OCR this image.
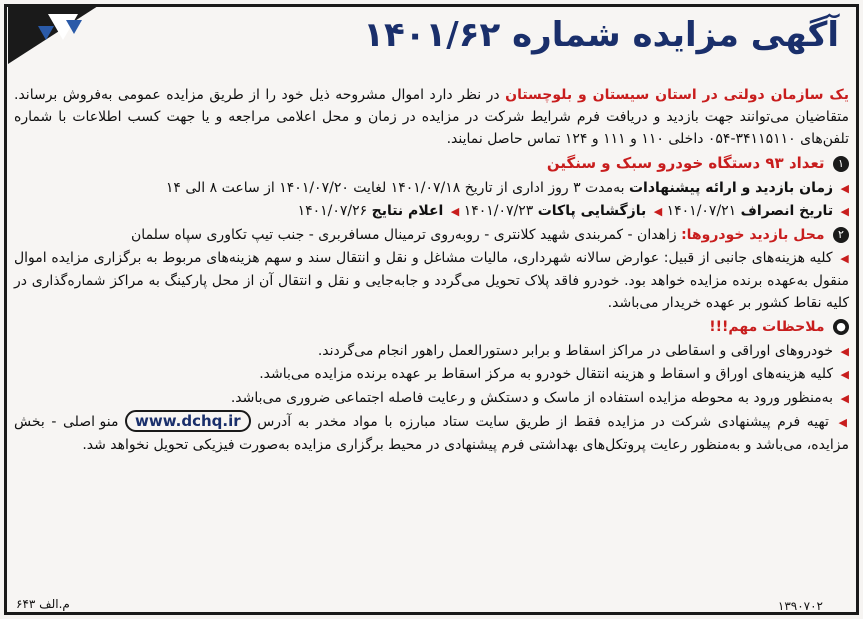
آگهی مزایده شماره ۱۴۰۱/۶۲

یک سازمان دولتی در استان سیستان و بلوچستان در نظر دارد اموال مشروحه ذیل خود را از طریق مزایده عمومی به‌فروش برساند. متقاضیان می‌توانند جهت بازدید و دریافت فرم شرایط شرکت در مزایده در زمان و محل اعلامی مراجعه و یا جهت کسب اطلاعات با شماره تلفن‌های ۳۴۱۱۵۱۱۰-۰۵۴ داخلی ۱۱۰ و ۱۱۱ و ۱۲۴ تماس حاصل نمایند.

۱ تعداد ۹۳ دستگاه خودرو سبک و سنگین
◀ زمان بازدید و ارائه پیشنهادات به‌مدت ۳ روز اداری از تاریخ ۱۴۰۱/۰۷/۱۸ لغایت ۱۴۰۱/۰۷/۲۰ از ساعت ۸ الی ۱۴
◀ تاریخ انصراف ۱۴۰۱/۰۷/۲۱ ◀ بازگشایی پاکات ۱۴۰۱/۰۷/۲۳ ◀ اعلام نتایج ۱۴۰۱/۰۷/۲۶
۲ محل بازدید خودروها: زاهدان - کمربندی شهید کلانتری - روبه‌روی ترمینال مسافربری - جنب تیپ تکاوری سپاه سلمان

◀ کلیه هزینه‌های جانبی از قبیل: عوارض سالانه شهرداری، مالیات مشاغل و نقل و انتقال سند و سهم هزینه‌های مربوط به برگزاری مزایده اموال منقول به‌عهده برنده مزایده خواهد بود. خودرو فاقد پلاک تحویل می‌گردد و جابه‌جایی و نقل و انتقال آن از محل پارکینگ به مراکز شماره‌گذاری در کلیه نقاط کشور بر عهده خریدار می‌باشد.

● ملاحظات مهم!!!
◀ خودروهای اوراقی و اسقاطی در مراکز اسقاط و برابر دستورالعمل راهور انجام می‌گردند.
◀ کلیه هزینه‌های اوراق و اسقاط و هزینه انتقال خودرو به مرکز اسقاط بر عهده برنده مزایده می‌باشد.
◀ به‌منظور ورود به محوطه مزایده استفاده از ماسک و دستکش و رعایت فاصله اجتماعی ضروری می‌باشد.

◀ تهیه فرم پیشنهادی شرکت در مزایده فقط از طریق سایت ستاد مبارزه با مواد مخدر به آدرس www.dchq.ir منو اصلی - بخش مزایده، می‌باشد و به‌منظور رعایت پروتکل‌های بهداشتی فرم پیشنهادی در محیط برگزاری مزایده به‌صورت فیزیکی تحویل نخواهد شد.

م.الف ۶۴۳	۱۳۹۰۷۰۲
